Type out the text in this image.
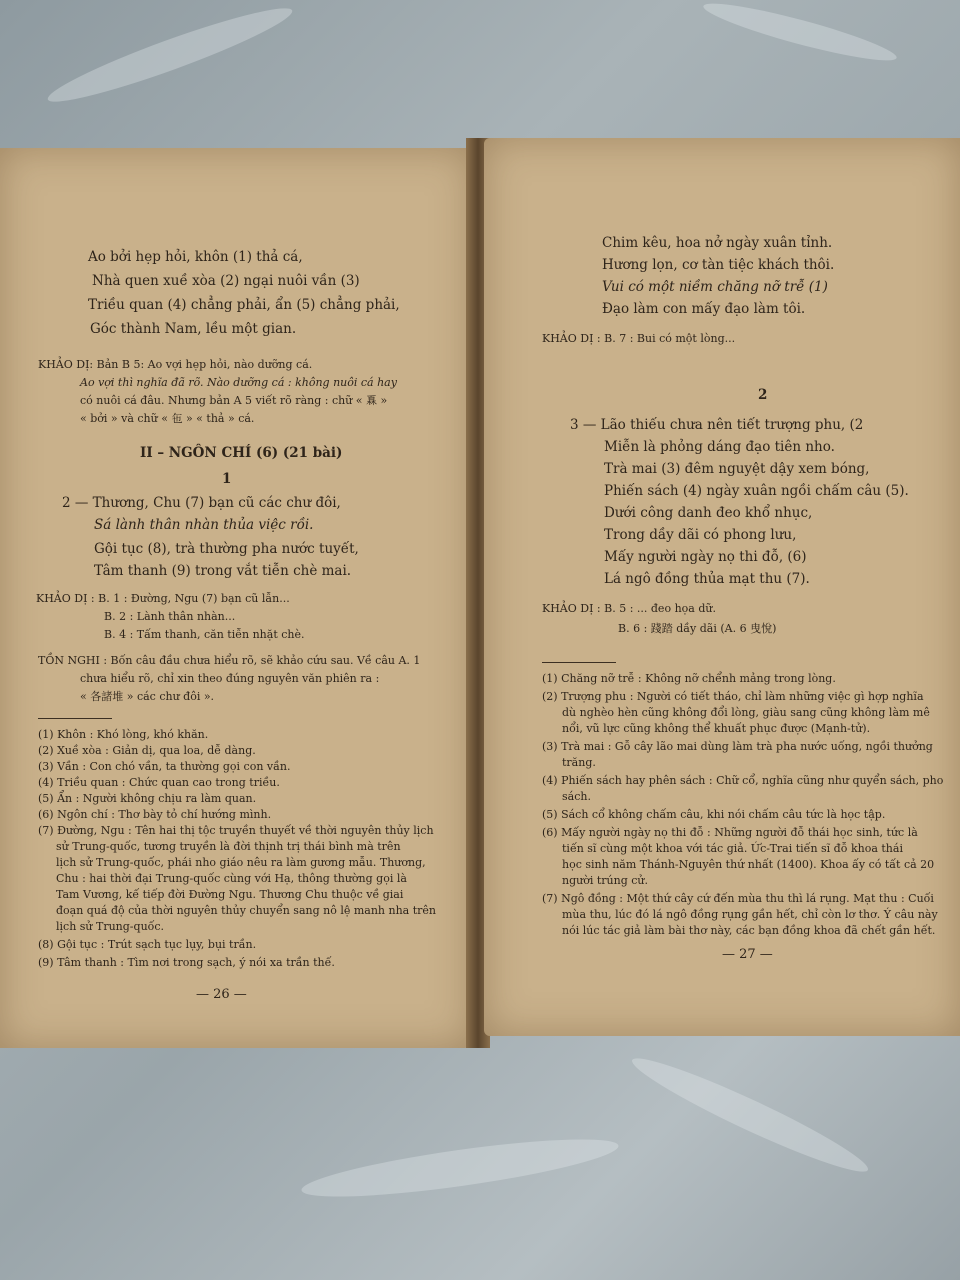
Ao bởi hẹp hỏi, khôn (1) thả cá,
Nhà quen xuề xòa (2) ngại nuôi vần (3)
Triều quan (4) chẳng phải, ẩn (5) chẳng phải,
Góc thành Nam, lều một gian.
KHẢO DỊ: Bản B 5: Ao vợi hẹp hỏi, nào dưỡng cá.
Ao vợi thì nghĩa đã rõ. Nào dưỡng cá : không nuôi cá hay
có nuôi cá đâu. Nhưng bản A 5 viết rõ ràng : chữ « 𤾓 »
« bởi » và chữ « 㐌 » « thả » cá.
II – NGÔN CHÍ (6) (21 bài)
1
2 — Thương, Chu (7) bạn cũ các chư đôi,
Sá lành thân nhàn thủa việc rồi.
Gội tục (8), trà thường pha nước tuyết,
Tâm thanh (9) trong vắt tiễn chè mai.
KHẢO DỊ : B. 1 : Đường, Ngu (7) bạn cũ lẫn...
B. 2 : Lành thân nhàn...
B. 4 : Tấm thanh, căn tiễn nhặt chè.
TỒN NGHI : Bốn câu đầu chưa hiểu rõ, sẽ khảo cứu sau. Về câu A. 1
chưa hiểu rõ, chỉ xin theo đúng nguyên văn phiên ra :
« 各諸堆 » các chư đôi ».
(1) Khôn : Khó lòng, khó khăn.
(2) Xuề xòa : Giản dị, qua loa, dễ dàng.
(3) Vần : Con chó vần, ta thường gọi con vần.
(4) Triều quan : Chức quan cao trong triều.
(5) Ẩn : Người không chịu ra làm quan.
(6) Ngôn chí : Thơ bày tỏ chí hướng mình.
(7) Đường, Ngu : Tên hai thị tộc truyền thuyết về thời nguyên thủy lịch
sử Trung-quốc, tương truyền là đời thịnh trị thái bình mà trên
lịch sử Trung-quốc, phái nho giáo nêu ra làm gương mẫu. Thương,
Chu : hai thời đại Trung-quốc cùng với Hạ, thông thường gọi là
Tam Vương, kế tiếp đời Đường Ngu. Thương Chu thuộc về giai
đoạn quá độ của thời nguyên thủy chuyển sang nô lệ manh nha trên
lịch sử Trung-quốc.
(8) Gội tục : Trút sạch tục lụy, bụi trần.
(9) Tâm thanh : Tìm nơi trong sạch, ý nói xa trần thế.
— 26 —
Chim kêu, hoa nở ngày xuân tỉnh.
Hương lọn, cơ tàn tiệc khách thôi.
Vui có một niềm chăng nỡ trễ (1)
Đạo làm con mấy đạo làm tôi.
KHẢO DỊ : B. 7 : Bui có một lòng...
2
3 — Lão thiếu chưa nên tiết trượng phu, (2
Miễn là phỏng dáng đạo tiên nho.
Trà mai (3) đêm nguyệt dậy xem bóng,
Phiến sách (4) ngày xuân ngồi chấm câu (5).
Dưới công danh đeo khổ nhục,
Trong dầy dãi có phong lưu,
Mấy người ngày nọ thi đỗ, (6)
Lá ngô đồng thủa mạt thu (7).
KHẢO DỊ : B. 5 : ... đeo họa dữ.
B. 6 : 踐踏 dầy dãi (A. 6 曳悅)
(1) Chăng nỡ trễ : Không nỡ chểnh mảng trong lòng.
(2) Trượng phu : Người có tiết tháo, chỉ làm những việc gì hợp nghĩa
dù nghèo hèn cũng không đổi lòng, giàu sang cũng không làm mê
nổi, vũ lực cũng không thể khuất phục được (Mạnh-tử).
(3) Trà mai : Gỗ cây lão mai dùng làm trà pha nước uống, ngồi thưởng
trăng.
(4) Phiến sách hay phên sách : Chữ cổ, nghĩa cũng như quyển sách, pho
sách.
(5) Sách cổ không chấm câu, khi nói chấm câu tức là học tập.
(6) Mấy người ngày nọ thi đỗ : Những người đỗ thái học sinh, tức là
tiến sĩ cùng một khoa với tác giả. Ức-Trai tiến sĩ đỗ khoa thái
học sinh năm Thánh-Nguyên thứ nhất (1400). Khoa ấy có tất cả 20
người trúng cử.
(7) Ngô đồng : Một thứ cây cứ đến mùa thu thì lá rụng. Mạt thu : Cuối
mùa thu, lúc đó lá ngô đồng rụng gần hết, chỉ còn lơ thơ. Ý câu này
nói lúc tác giả làm bài thơ này, các bạn đồng khoa đã chết gần hết.
— 27 —
